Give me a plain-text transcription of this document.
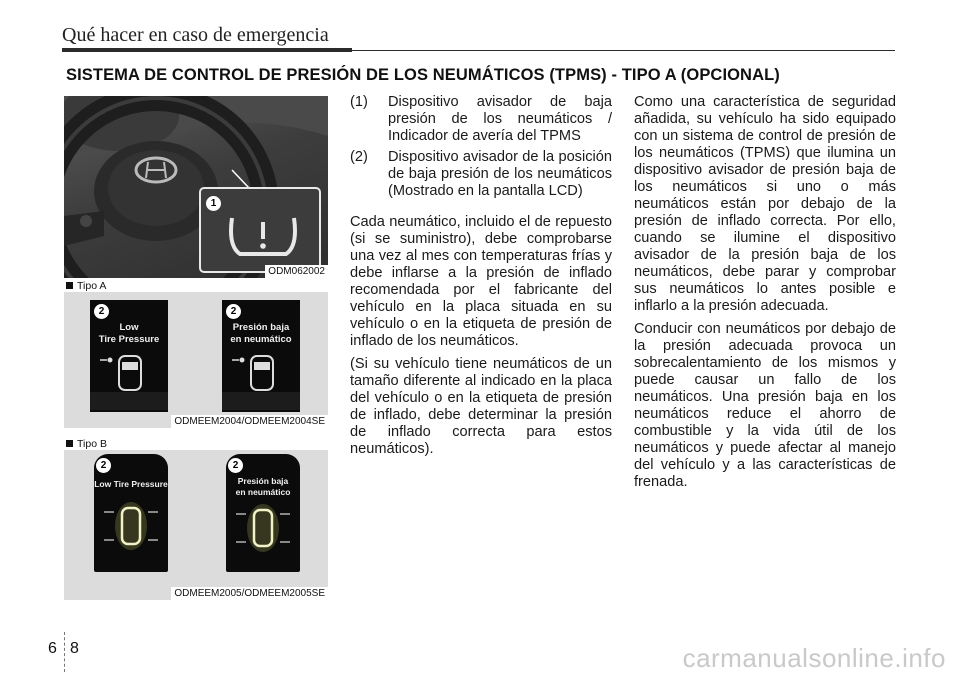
Qué hacer en caso de emergencia
SISTEMA DE CONTROL DE PRESIÓN DE LOS NEUMÁTICOS (TPMS) - TIPO A (OPCIONAL)
1
ODM062002
Tipo A
Low
Tire Pressure
2
Presión baja
en neumático
2
ODMEEM2004/ODMEEM2004SE
Tipo B
Low Tire Pressure
2
Presión baja
en neumático
2
ODMEEM2005/ODMEEM2005SE
(1)	Dispositivo avisador de baja presión de los neumáticos / Indicador de avería del TPMS
(2)	Dispositivo avisador de la posición de baja presión de los neumáticos (Mostrado en la pantalla LCD)

Cada neumático, incluido el de repuesto (si se suministro), debe comprobarse una vez al mes con temperaturas frías y debe inflarse a la presión de inflado recomendada por el fabricante del vehículo en la placa situada en su vehículo o en la etiqueta de presión de inflado de los neumáticos.

(Si su vehículo tiene neumáticos de un tamaño diferente al indicado en la placa del vehículo o en la etiqueta de presión de inflado, debe determinar la presión de inflado correcta para estos neumáticos).

Como una característica de seguridad añadida, su vehículo ha sido equipado con un sistema de control de presión de los neumáticos (TPMS) que ilumina un dispositivo avisador de presión baja de los neumáticos si uno o más neumáticos están por debajo de la presión de inflado correcta. Por ello, cuando se ilumine el dispositivo avisador de la presión baja de los neumáticos, debe parar y comprobar sus neumáticos lo antes posible e inflarlo a la presión adecuada.

Conducir con neumáticos por debajo de la presión adecuada provoca un sobrecalentamiento de los mismos y puede causar un fallo de los neumáticos. Una presión baja en los neumáticos reduce el ahorro de combustible y la vida útil de los neumáticos y puede afectar al manejo del vehículo y a las características de frenada.

6 8	carmanualsonline.info
